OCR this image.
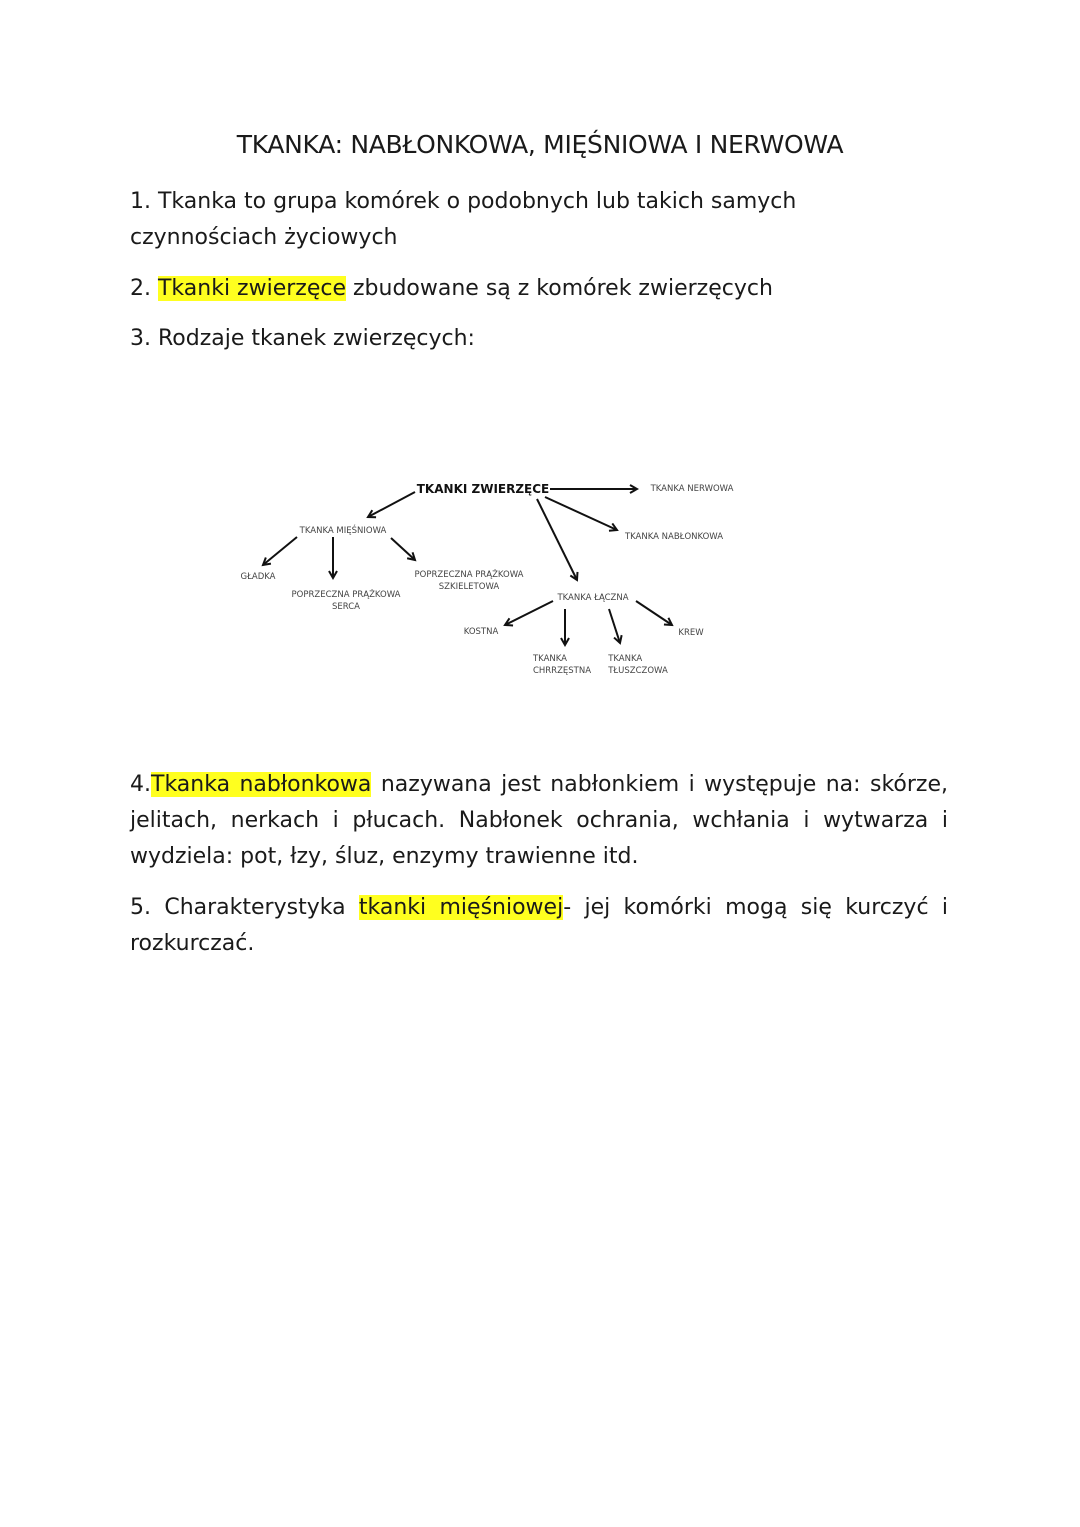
TKANKA: NABŁONKOWA, MIĘŚNIOWA I NERWOWA
1. Tkanka to grupa komórek o podobnych lub takich samych czynnościach życiowych
2. Tkanki zwierzęce zbudowane są z komórek zwierzęcych
3. Rodzaje tkanek zwierzęcych:
TKANKI ZWIERZĘCE	TKANKA NERWOWA
TKANKA NABŁONKOWA
TKANKA MIĘŚNIOWA
GŁADKA
POPRZECZNA PRĄŻKOWA
SERCA
POPRZECZNA PRĄŻKOWA
SZKIELETOWA
TKANKA ŁĄCZNA
KOSTNA
TKANKA
CHRRZĘSTNA
TKANKA
TŁUSZCZOWA
KREW
4.Tkanka nabłonkowa nazywana jest nabłonkiem i występuje na: skórze, jelitach, nerkach i płucach. Nabłonek ochrania, wchłania i wytwarza i wydziela: pot, łzy, śluz, enzymy trawienne itd.
5. Charakterystyka tkanki mięśniowej- jej komórki mogą się kurczyć i rozkurczać.
